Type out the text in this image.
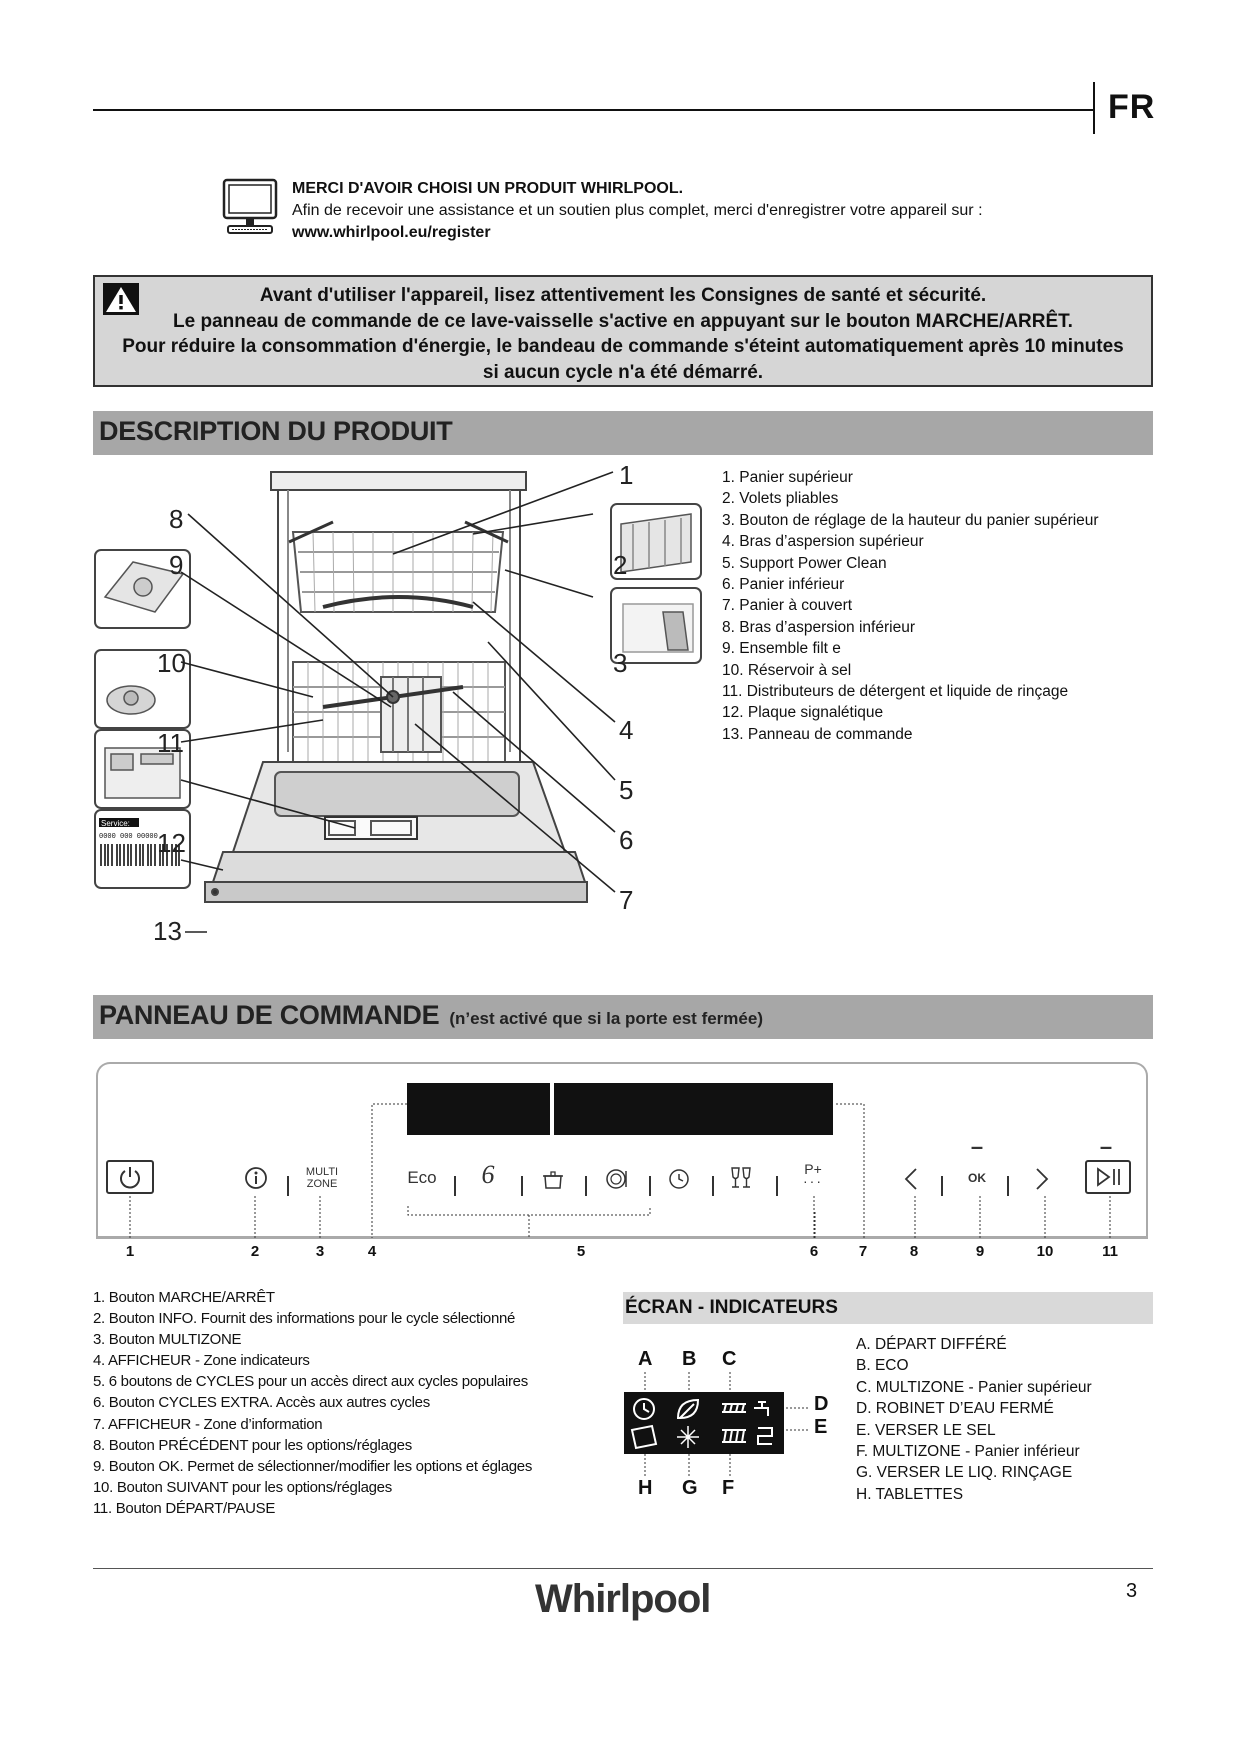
FR
MERCI D'AVOIR CHOISI UN PRODUIT WHIRLPOOL.
Afin de recevoir une assistance et un soutien plus complet, merci d'enregistrer votre appareil sur :
www.whirlpool.eu/register
Avant d'utiliser l'appareil, lisez attentivement les Consignes de santé et sécurité.
Le panneau de commande de ce lave-vaisselle s'active en appuyant sur le bouton MARCHE/ARRÊT.
Pour réduire la consommation d'énergie, le bandeau de commande s'éteint automatiquement après 10 minutes
si aucun cycle n'a été démarré.
DESCRIPTION DU PRODUIT
Service:
0000 000 00000
1
2
3
4
5
6
7
8
9
10
11
12
13
1. Panier supérieur
2. Volets pliables
3. Bouton de réglage de la hauteur du panier supérieur
4. Bras d’aspersion supérieur
5. Support Power Clean
6. Panier inférieur
7. Panier à couvert
8. Bras d’aspersion inférieur
9. Ensemble filt e
10. Réservoir à sel
11. Distributeurs de détergent et liquide de rinçage
12. Plaque signalétique
13. Panneau de commande
PANNEAU DE COMMANDE (n’est activé que si la porte est fermée)
MULTI
ZONE	Eco 6	P+
···
–
OK
–
1	2	3	4	5	6	7	8	9	10	11
1. Bouton MARCHE/ARRÊT
2. Bouton INFO. Fournit des informations pour le cycle sélectionné
3. Bouton MULTIZONE
4. AFFICHEUR - Zone indicateurs
5. 6 boutons de CYCLES pour un accès direct aux cycles populaires
6. Bouton CYCLES EXTRA. Accès aux autres cycles
7. AFFICHEUR - Zone d’information
8. Bouton PRÉCÉDENT pour les options/réglages
9. Bouton OK. Permet de sélectionner/modifier les options et églages
10. Bouton SUIVANT pour les options/réglages
11. Bouton DÉPART/PAUSE
ÉCRAN - INDICATEURS
A B C
D
E
H G F
A. DÉPART DIFFÉRÉ
B. ECO
C. MULTIZONE - Panier supérieur
D. ROBINET D’EAU FERMÉ
E. VERSER LE SEL
F. MULTIZONE - Panier inférieur
G. VERSER LE LIQ. RINÇAGE
H. TABLETTES
Whirlpool	3
